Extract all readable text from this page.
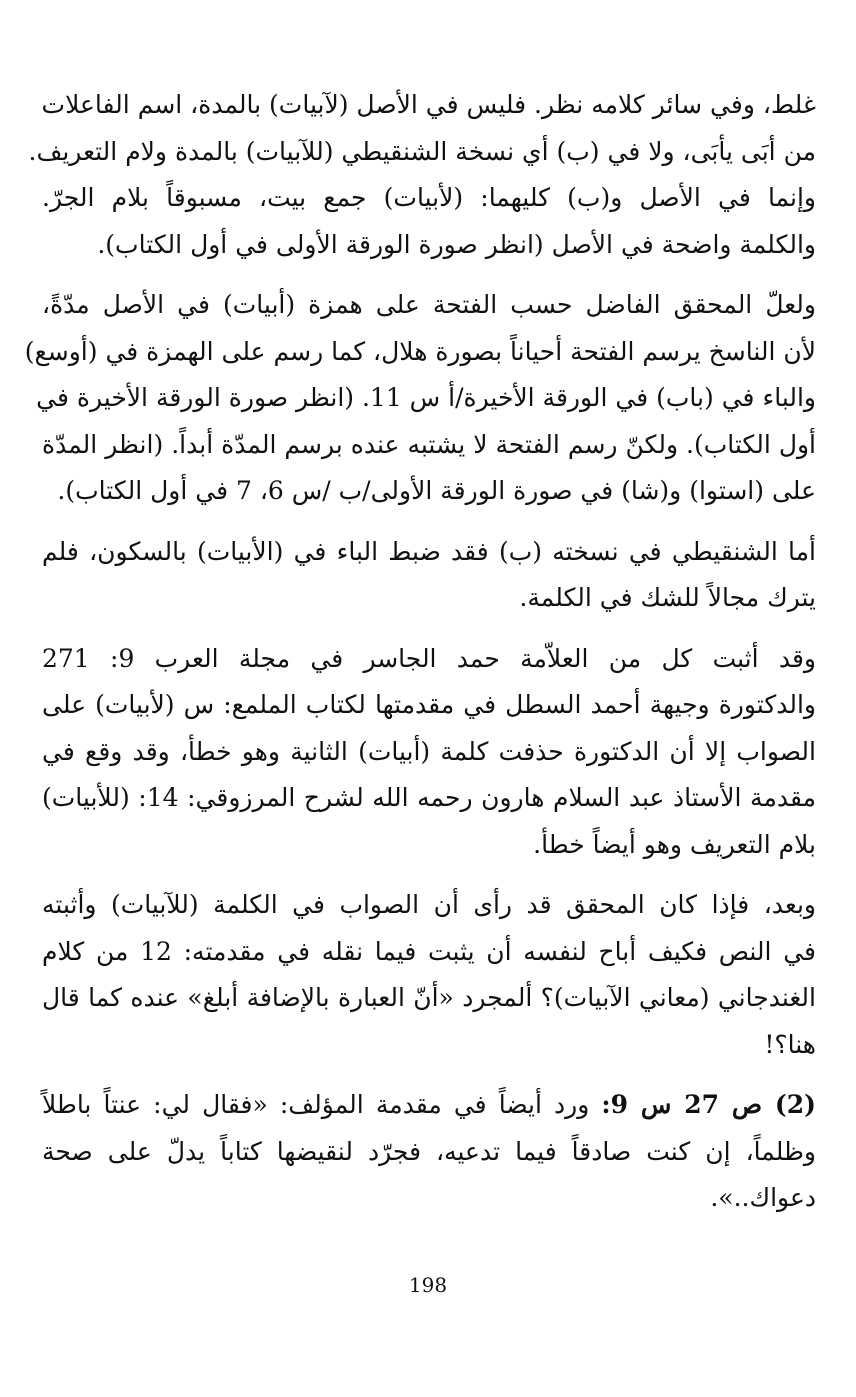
غلط، وفي سائر كلامه نظر. فليس في الأصل (لآبيات) بالمدة، اسم الفاعلات
من أبَى يأبَى، ولا في (ب) أي نسخة الشنقيطي (للآبيات) بالمدة ولام التعريف.
وإنما في الأصل و(ب) كليهما: (لأبيات) جمع بيت، مسبوقاً بلام الجرّ.
والكلمة واضحة في الأصل (انظر صورة الورقة الأولى في أول الكتاب).

ولعلّ المحقق الفاضل حسب الفتحة على همزة (أبيات) في الأصل مدّةً،
لأن الناسخ يرسم الفتحة أحياناً بصورة هلال، كما رسم على الهمزة في (أوسع)
والباء في (باب) في الورقة الأخيرة/أ س 11. (انظر صورة الورقة الأخيرة في
أول الكتاب). ولكنّ رسم الفتحة لا يشتبه عنده برسم المدّة أبداً. (انظر المدّة
على (استوا) و(شا) في صورة الورقة الأولى/ب /س 6، 7 في أول الكتاب).

أما الشنقيطي في نسخته (ب) فقد ضبط الباء في (الأبيات) بالسكون، فلم
يترك مجالاً للشك في الكلمة.

وقد أثبت كل من العلاّمة حمد الجاسر في مجلة العرب 9: 271
والدكتورة وجيهة أحمد السطل في مقدمتها لكتاب الملمع: س (لأبيات) على
الصواب إلا أن الدكتورة حذفت كلمة (أبيات) الثانية وهو خطأ، وقد وقع في
مقدمة الأستاذ عبد السلام هارون رحمه الله لشرح المرزوقي: 14: (للأبيات)
بلام التعريف وهو أيضاً خطأ.

وبعد، فإذا كان المحقق قد رأى أن الصواب في الكلمة (للآبيات) وأثبته
في النص فكيف أباح لنفسه أن يثبت فيما نقله في مقدمته: 12 من كلام
الغندجاني (معاني الآبيات)؟ ألمجرد «أنّ العبارة بالإضافة أبلغ» عنده كما قال
هنا؟!

(2) ص 27 س 9: ورد أيضاً في مقدمة المؤلف: «فقال لي: عنتاً باطلاً
وظلماً، إن كنت صادقاً فيما تدعيه، فجرّد لنقيضها كتاباً يدلّ على صحة
دعواك..».

198
